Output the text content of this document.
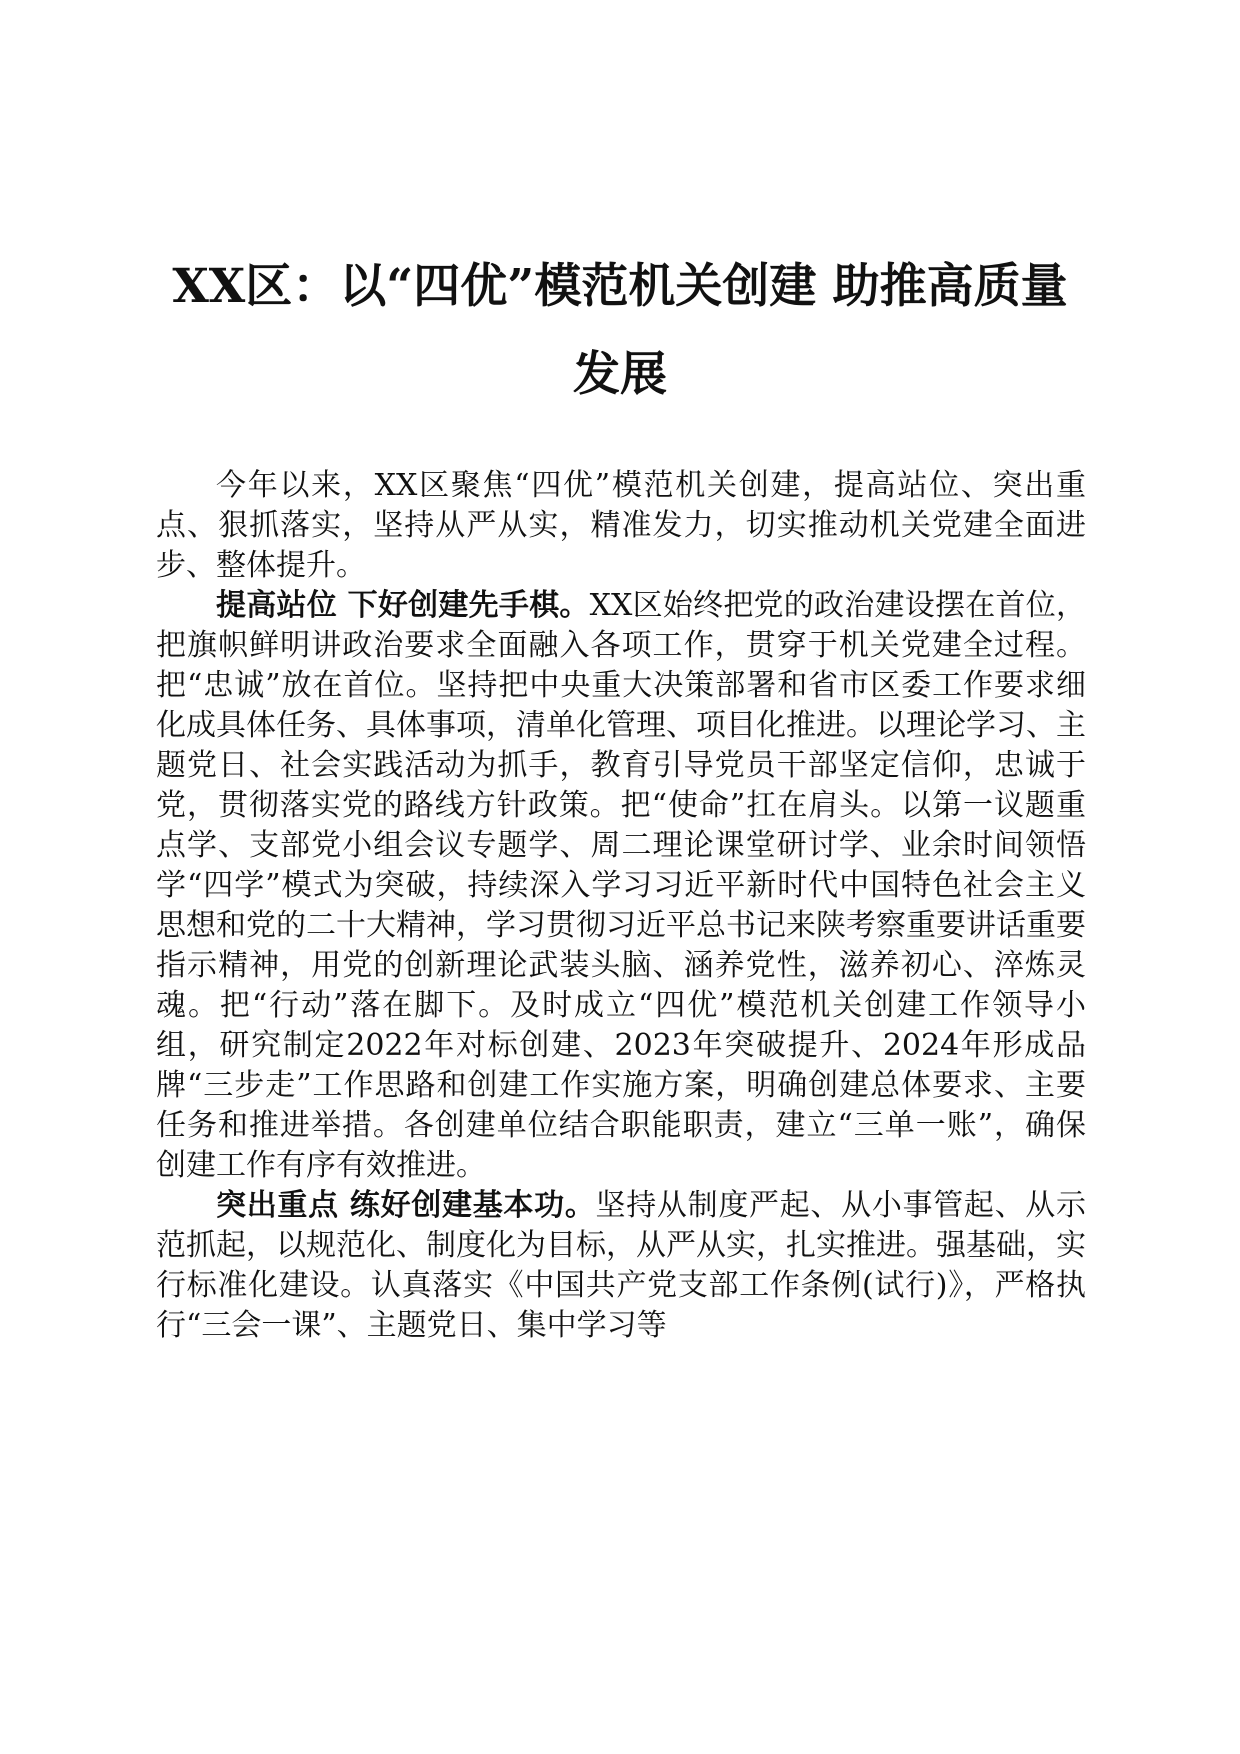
XX区：以“四优”模范机关创建 助推高质量
发展

今年以来，XX区聚焦“四优”模范机关创建，提高站位、突出重点、狠抓落实，坚持从严从实，精准发力，切实推动机关党建全面进步、整体提升。

提高站位 下好创建先手棋。XX区始终把党的政治建设摆在首位，把旗帜鲜明讲政治要求全面融入各项工作，贯穿于机关党建全过程。把“忠诚”放在首位。坚持把中央重大决策部署和省市区委工作要求细化成具体任务、具体事项，清单化管理、项目化推进。以理论学习、主题党日、社会实践活动为抓手，教育引导党员干部坚定信仰，忠诚于党，贯彻落实党的路线方针政策。把“使命”扛在肩头。以第一议题重点学、支部党小组会议专题学、周二理论课堂研讨学、业余时间领悟学“四学”模式为突破，持续深入学习习近平新时代中国特色社会主义思想和党的二十大精神，学习贯彻习近平总书记来陕考察重要讲话重要指示精神，用党的创新理论武装头脑、涵养党性，滋养初心、淬炼灵魂。把“行动”落在脚下。及时成立“四优”模范机关创建工作领导小组，研究制定2022年对标创建、2023年突破提升、2024年形成品牌“三步走”工作思路和创建工作实施方案，明确创建总体要求、主要任务和推进举措。各创建单位结合职能职责，建立“三单一账”，确保创建工作有序有效推进。

突出重点 练好创建基本功。坚持从制度严起、从小事管起、从示范抓起，以规范化、制度化为目标，从严从实，扎实推进。强基础，实行标准化建设。认真落实《中国共产党支部工作条例(试行)》，严格执行“三会一课”、主题党日、集中学习等
